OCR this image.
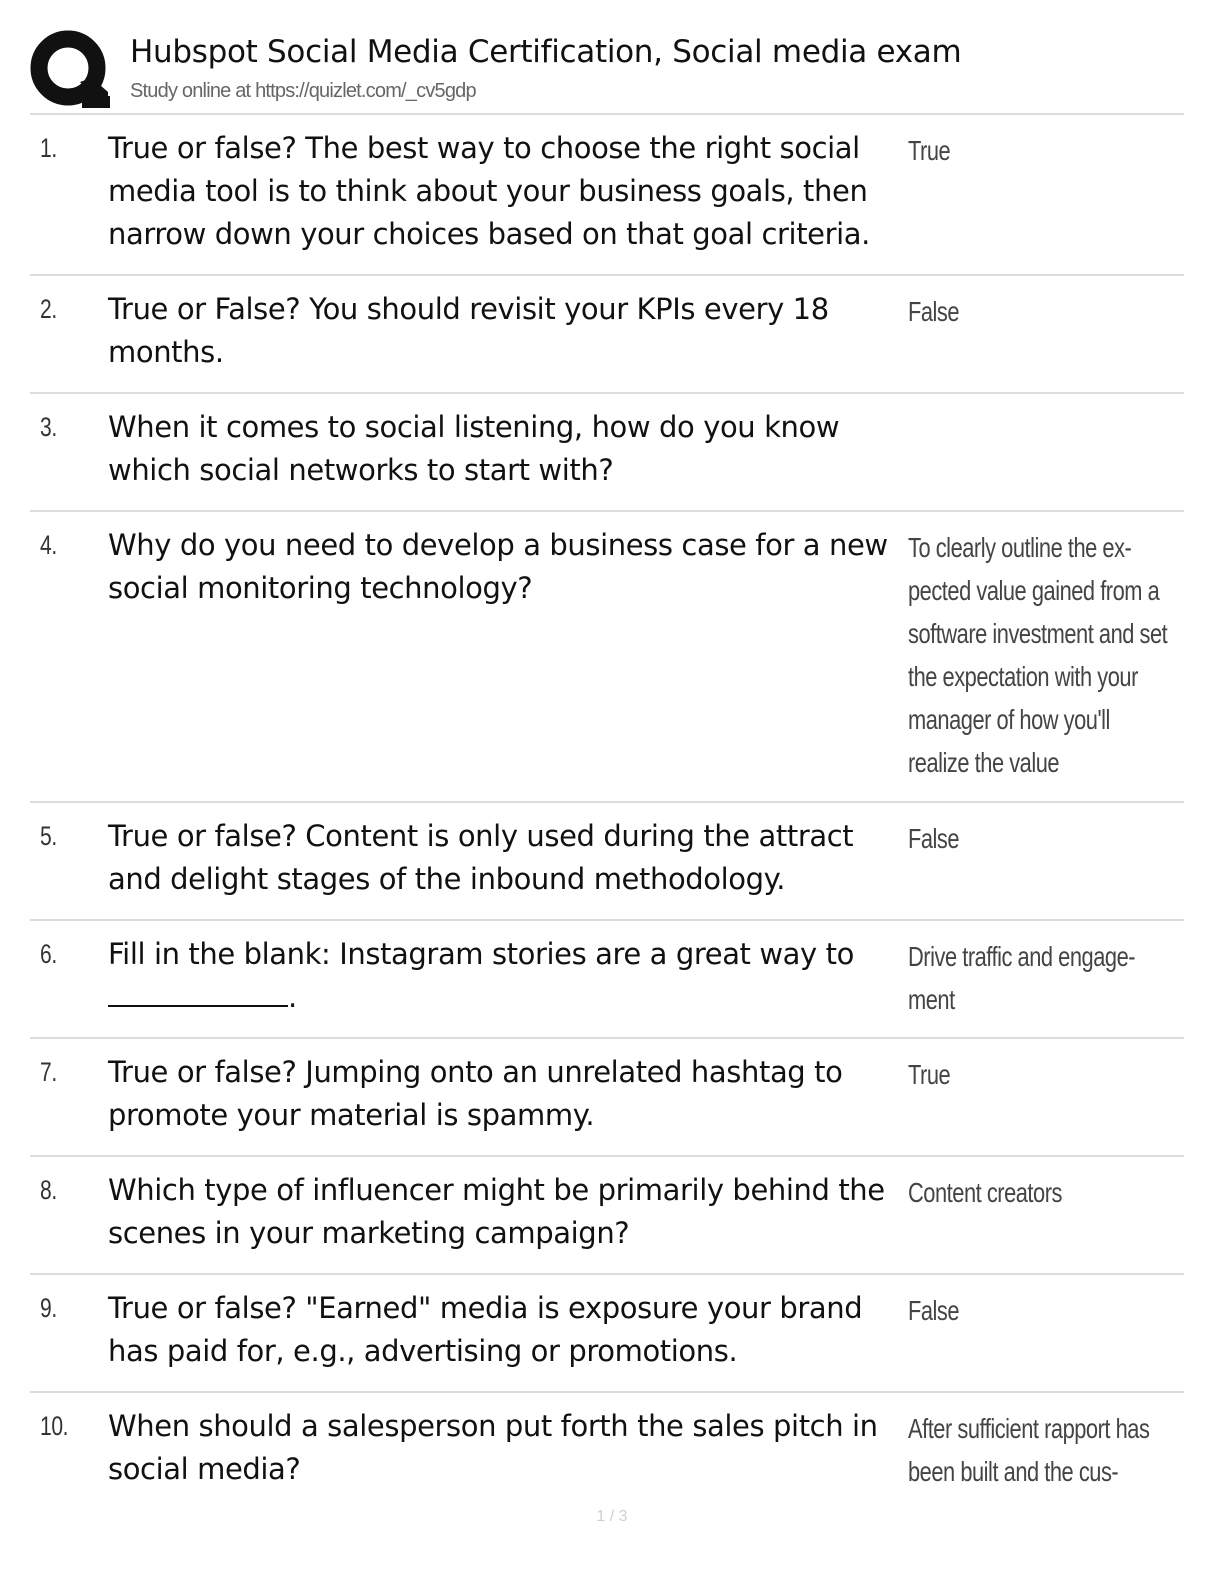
Hubspot Social Media Certification, Social media exam
Study online at https://quizlet.com/_cv5gdp
1. True or false? The best way to choose the right social media tool is to think about your business goals, then narrow down your choices based on that goal criteria.
True
2. True or False? You should revisit your KPIs every 18 months.
False
3. When it comes to social listening, how do you know which social networks to start with?
4. Why do you need to develop a business case for a new social monitoring technology?
To clearly outline the ex-pected value gained from a software investment and set the expectation with your manager of how you'll realize the value
5. True or false? Content is only used during the attract and delight stages of the inbound methodology.
False
6. Fill in the blank: Instagram stories are a great way to .
Drive traffic and engage-ment
7. True or false? Jumping onto an unrelated hashtag to promote your material is spammy.
True
8. Which type of influencer might be primarily behind the scenes in your marketing campaign?
Content creators
9. True or false? "Earned" media is exposure your brand has paid for, e.g., advertising or promotions.
False
10. When should a salesperson put forth the sales pitch in social media?
After sufficient rapport has been built and the cus-
1 / 3
